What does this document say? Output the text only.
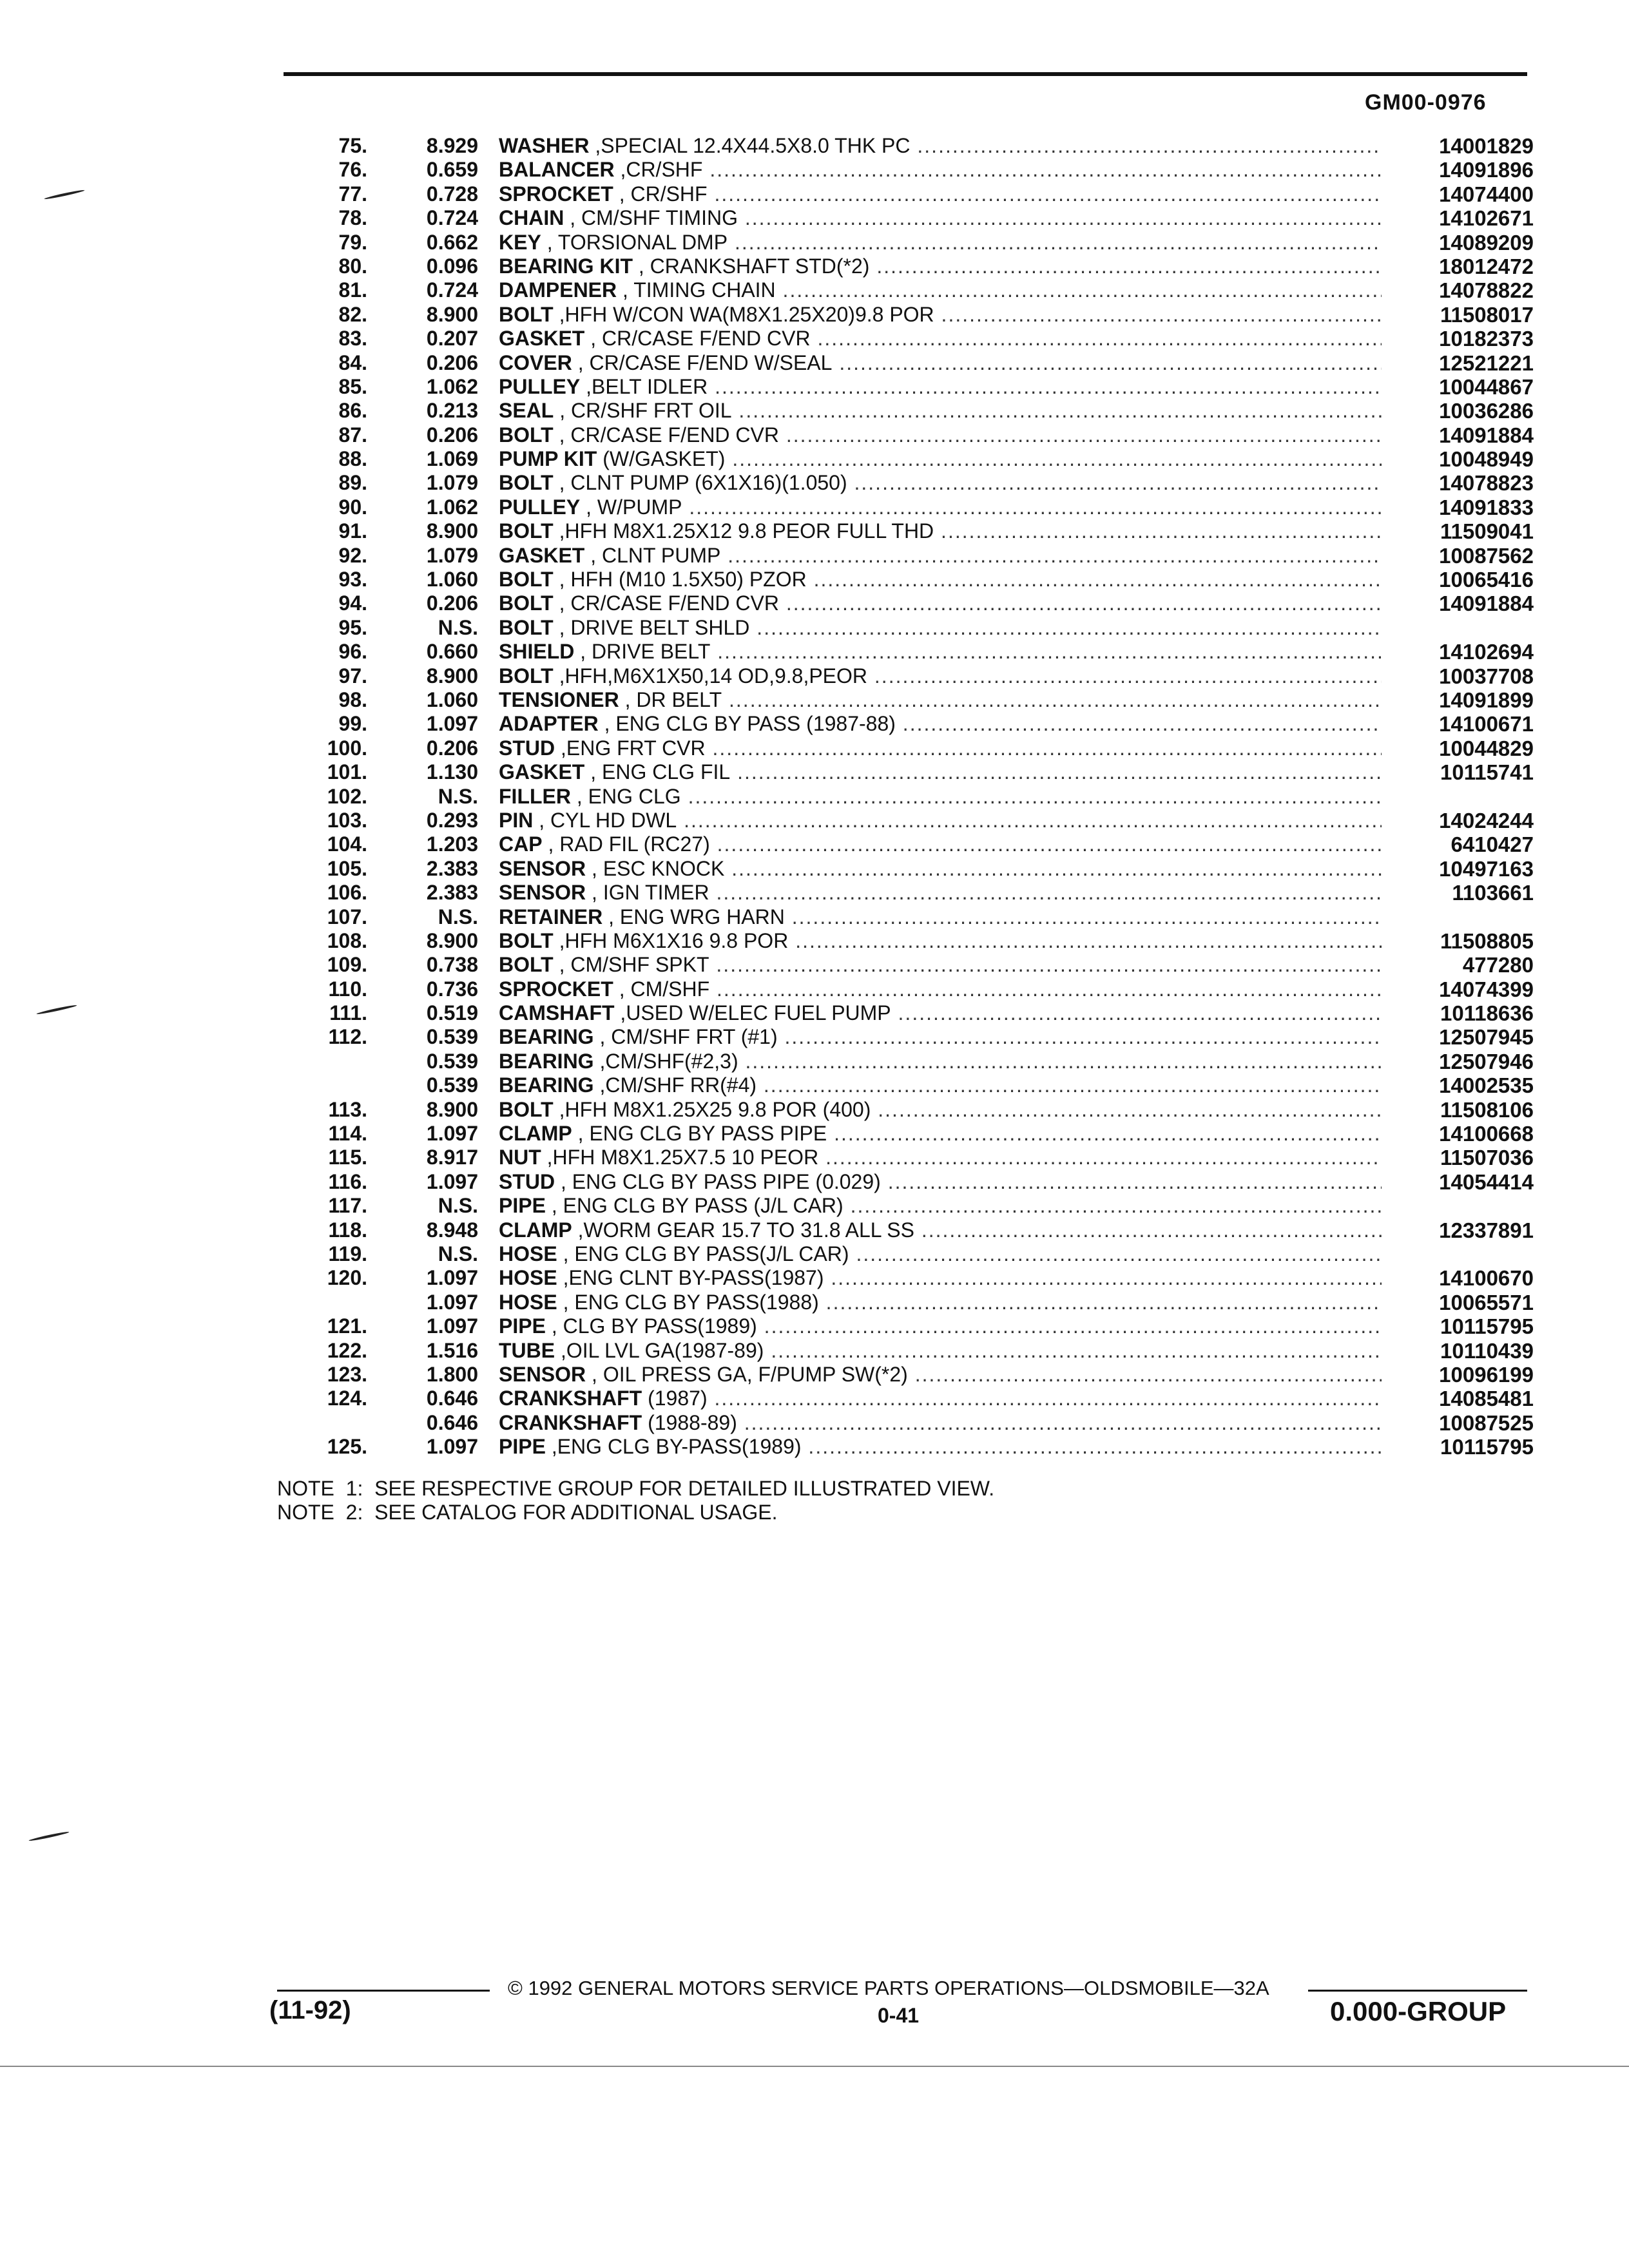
GM00-0976
75.	8.929 WASHER ,SPECIAL 12.4X44.5X8.0 THK PC .....	14001829
76.	0.659 BALANCER ,CR/SHF .....	14091896
77.	0.728 SPROCKET , CR/SHF .....	14074400
78.	0.724 CHAIN , CM/SHF TIMING .....	14102671
79.	0.662 KEY , TORSIONAL DMP .....	14089209
80.	0.096 BEARING KIT , CRANKSHAFT STD(*2) .....	18012472
81.	0.724 DAMPENER , TIMING CHAIN .....	14078822
82.	8.900 BOLT ,HFH W/CON WA(M8X1.25X20)9.8 POR .....	11508017
83.	0.207 GASKET , CR/CASE F/END CVR .....	10182373
84.	0.206 COVER , CR/CASE F/END W/SEAL .....	12521221
85.	1.062 PULLEY ,BELT IDLER .....	10044867
86.	0.213 SEAL , CR/SHF FRT OIL .....	10036286
87.	0.206 BOLT , CR/CASE F/END CVR .....	14091884
88.	1.069 PUMP KIT (W/GASKET) .....	10048949
89.	1.079 BOLT , CLNT PUMP (6X1X16)(1.050) .....	14078823
90.	1.062 PULLEY , W/PUMP .....	14091833
91.	8.900 BOLT ,HFH M8X1.25X12 9.8 PEOR FULL THD .....	11509041
92.	1.079 GASKET , CLNT PUMP .....	10087562
93.	1.060 BOLT , HFH (M10 1.5X50) PZOR .....	10065416
94.	0.206 BOLT , CR/CASE F/END CVR .....	14091884
95.	N.S. BOLT , DRIVE BELT SHLD .....
96.	0.660 SHIELD , DRIVE BELT .....	14102694
97.	8.900 BOLT ,HFH,M6X1X50,14 OD,9.8,PEOR .....	10037708
98.	1.060 TENSIONER , DR BELT .....	14091899
99.	1.097 ADAPTER , ENG CLG BY PASS (1987-88) .....	14100671
100.	0.206 STUD ,ENG FRT CVR .....	10044829
101.	1.130 GASKET , ENG CLG FIL .....	10115741
102.	N.S. FILLER , ENG CLG .....
103.	0.293 PIN , CYL HD DWL .....	14024244
104.	1.203 CAP , RAD FIL (RC27) .....	6410427
105.	2.383 SENSOR , ESC KNOCK .....	10497163
106.	2.383 SENSOR , IGN TIMER .....	1103661
107.	N.S. RETAINER , ENG WRG HARN .....
108.	8.900 BOLT ,HFH M6X1X16 9.8 POR .....	11508805
109.	0.738 BOLT , CM/SHF SPKT .....	477280
110.	0.736 SPROCKET , CM/SHF .....	14074399
111.	0.519 CAMSHAFT ,USED W/ELEC FUEL PUMP .....	10118636
112.	0.539 BEARING , CM/SHF FRT (#1) .....	12507945
0.539 BEARING ,CM/SHF(#2,3) .....	12507946
0.539 BEARING ,CM/SHF RR(#4) .....	14002535
113.	8.900 BOLT ,HFH M8X1.25X25 9.8 POR (400) .....	11508106
114.	1.097 CLAMP , ENG CLG BY PASS PIPE .....	14100668
115.	8.917 NUT ,HFH M8X1.25X7.5 10 PEOR .....	11507036
116.	1.097 STUD , ENG CLG BY PASS PIPE (0.029) .....	14054414
117.	N.S. PIPE , ENG CLG BY PASS (J/L CAR) .....
118.	8.948 CLAMP ,WORM GEAR 15.7 TO 31.8 ALL SS .....	12337891
119.	N.S. HOSE , ENG CLG BY PASS(J/L CAR) .....
120.	1.097 HOSE ,ENG CLNT BY-PASS(1987) .....	14100670
1.097 HOSE , ENG CLG BY PASS(1988) .....	10065571
121.	1.097 PIPE , CLG BY PASS(1989) .....	10115795
122.	1.516 TUBE ,OIL LVL GA(1987-89) .....	10110439
123.	1.800 SENSOR , OIL PRESS GA, F/PUMP SW(*2) .....	10096199
124.	0.646 CRANKSHAFT (1987) .....	14085481
0.646 CRANKSHAFT (1988-89) .....	10087525
125.	1.097 PIPE ,ENG CLG BY-PASS(1989) .....	10115795
NOTE  1:  SEE RESPECTIVE GROUP FOR DETAILED ILLUSTRATED VIEW.
NOTE  2:  SEE CATALOG FOR ADDITIONAL USAGE.
© 1992 GENERAL MOTORS SERVICE PARTS OPERATIONS—OLDSMOBILE—32A
(11-92)	0-41	0.000-GROUP
